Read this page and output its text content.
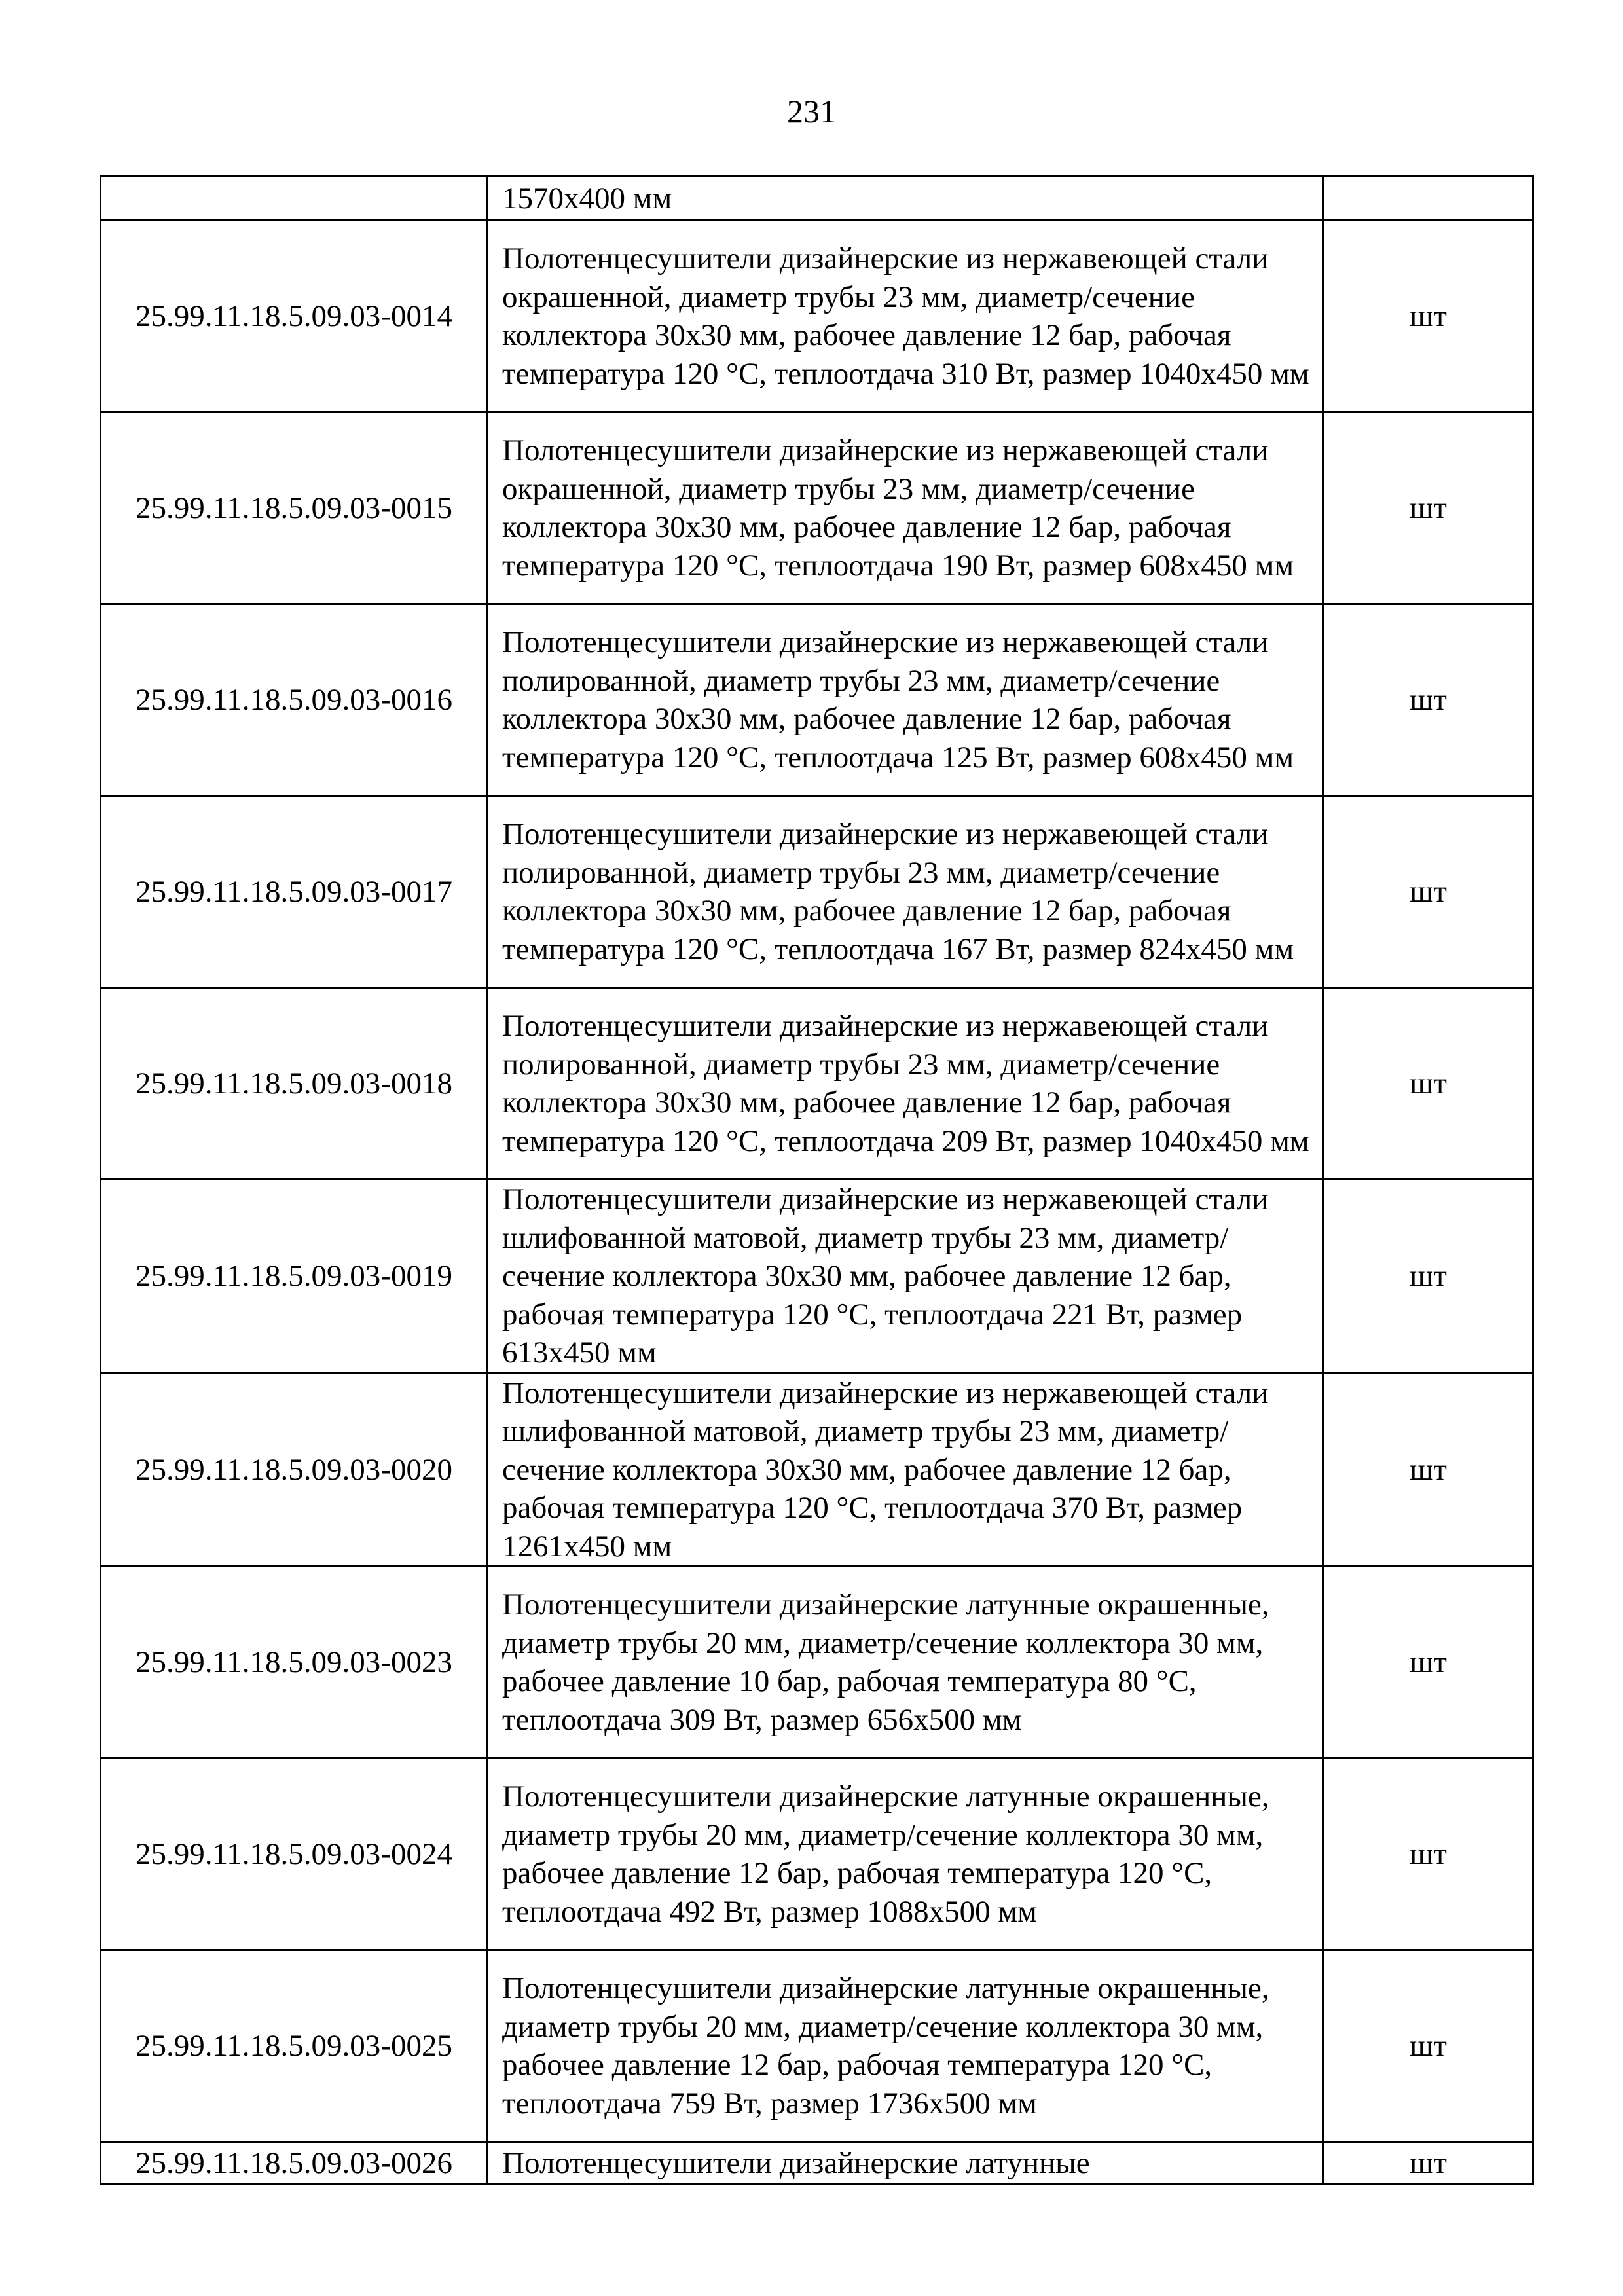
231
	1570x400 мм	
25.99.11.18.5.09.03-0014	Полотенцесушители дизайнерские из нержавеющей стали окрашенной, диаметр трубы 23 мм, диаметр/сечение коллектора 30x30 мм, рабочее давление 12 бар, рабочая температура 120 °С, теплоотдача 310 Вт, размер 1040x450 мм	шт
25.99.11.18.5.09.03-0015	Полотенцесушители дизайнерские из нержавеющей стали окрашенной, диаметр трубы 23 мм, диаметр/сечение коллектора 30x30 мм, рабочее давление 12 бар, рабочая температура 120 °С, теплоотдача 190 Вт, размер 608x450 мм	шт
25.99.11.18.5.09.03-0016	Полотенцесушители дизайнерские из нержавеющей стали полированной, диаметр трубы 23 мм, диаметр/сечение коллектора 30x30 мм, рабочее давление 12 бар, рабочая температура 120 °С, теплоотдача 125 Вт, размер 608x450 мм	шт
25.99.11.18.5.09.03-0017	Полотенцесушители дизайнерские из нержавеющей стали полированной, диаметр трубы 23 мм, диаметр/сечение коллектора 30x30 мм, рабочее давление 12 бар, рабочая температура 120 °С, теплоотдача 167 Вт, размер 824x450 мм	шт
25.99.11.18.5.09.03-0018	Полотенцесушители дизайнерские из нержавеющей стали полированной, диаметр трубы 23 мм, диаметр/сечение коллектора 30x30 мм, рабочее давление 12 бар, рабочая температура 120 °С, теплоотдача 209 Вт, размер 1040x450 мм	шт
25.99.11.18.5.09.03-0019	Полотенцесушители дизайнерские из нержавеющей стали шлифованной матовой, диаметр трубы 23 мм, диаметр/сечение коллектора 30x30 мм, рабочее давление 12 бар, рабочая температура 120 °С, теплоотдача 221 Вт, размер 613x450 мм	шт
25.99.11.18.5.09.03-0020	Полотенцесушители дизайнерские из нержавеющей стали шлифованной матовой, диаметр трубы 23 мм, диаметр/сечение коллектора 30x30 мм, рабочее давление 12 бар, рабочая температура 120 °С, теплоотдача 370 Вт, размер 1261x450 мм	шт
25.99.11.18.5.09.03-0023	Полотенцесушители дизайнерские латунные окрашенные, диаметр трубы 20 мм, диаметр/сечение коллектора 30 мм, рабочее давление 10 бар, рабочая температура 80 °С, теплоотдача 309 Вт, размер 656x500 мм	шт
25.99.11.18.5.09.03-0024	Полотенцесушители дизайнерские латунные окрашенные, диаметр трубы 20 мм, диаметр/сечение коллектора 30 мм, рабочее давление 12 бар, рабочая температура 120 °С, теплоотдача 492 Вт, размер 1088x500 мм	шт
25.99.11.18.5.09.03-0025	Полотенцесушители дизайнерские латунные окрашенные, диаметр трубы 20 мм, диаметр/сечение коллектора 30 мм, рабочее давление 12 бар, рабочая температура 120 °С, теплоотдача 759 Вт, размер 1736x500 мм	шт
25.99.11.18.5.09.03-0026	Полотенцесушители дизайнерские латунные	шт
